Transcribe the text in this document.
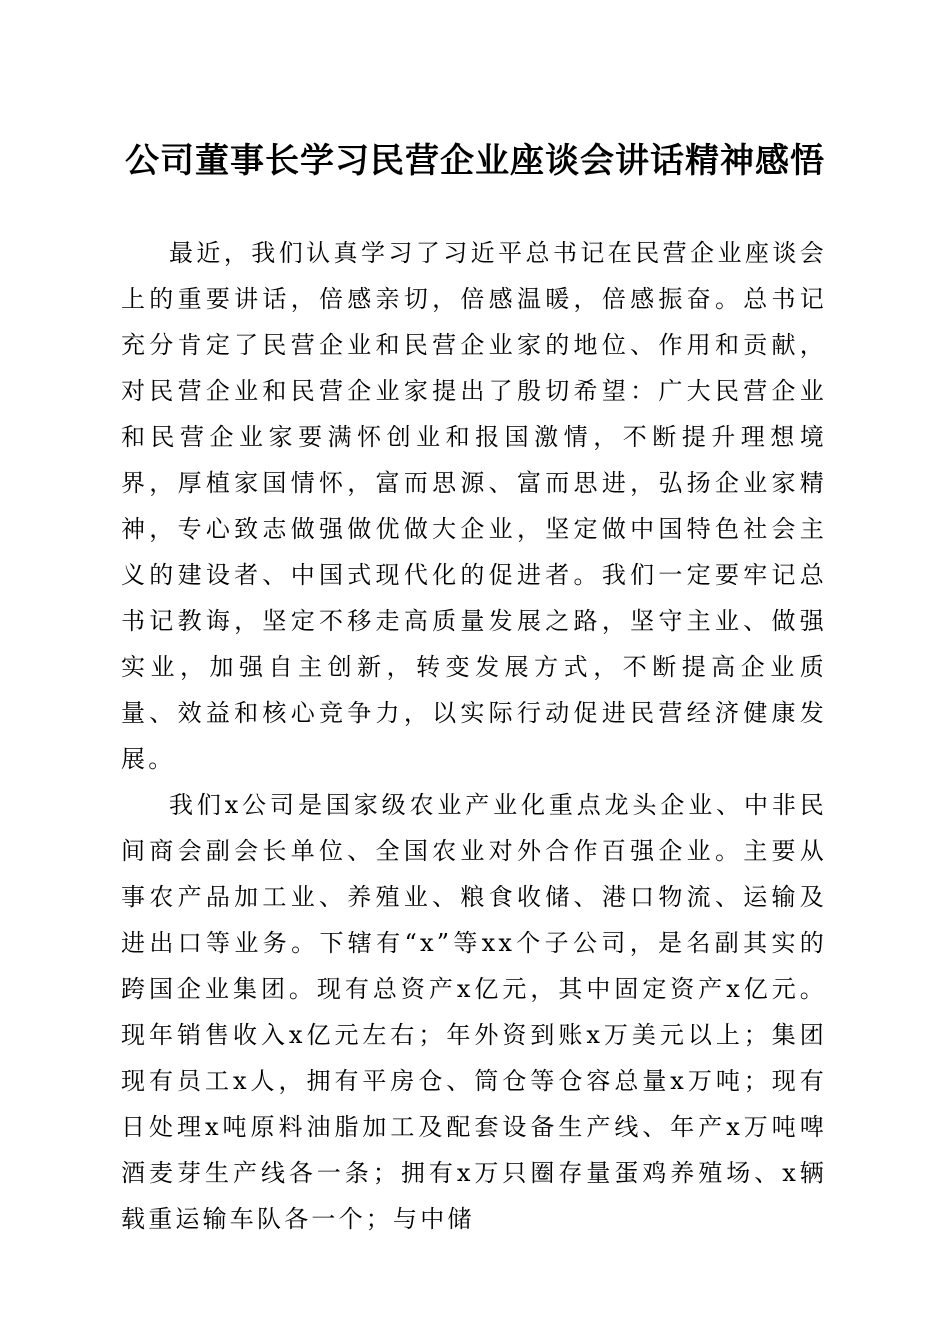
公司董事长学习民营企业座谈会讲话精神感悟

最近，我们认真学习了习近平总书记在民营企业座谈会上的重要讲话，倍感亲切，倍感温暖，倍感振奋。总书记充分肯定了民营企业和民营企业家的地位、作用和贡献，对民营企业和民营企业家提出了殷切希望：广大民营企业和民营企业家要满怀创业和报国激情，不断提升理想境界，厚植家国情怀，富而思源、富而思进，弘扬企业家精神，专心致志做强做优做大企业，坚定做中国特色社会主义的建设者、中国式现代化的促进者。我们一定要牢记总书记教诲，坚定不移走高质量发展之路，坚守主业、做强实业，加强自主创新，转变发展方式，不断提高企业质量、效益和核心竞争力，以实际行动促进民营经济健康发展。

我们x公司是国家级农业产业化重点龙头企业、中非民间商会副会长单位、全国农业对外合作百强企业。主要从事农产品加工业、养殖业、粮食收储、港口物流、运输及进出口等业务。下辖有“x”等xx个子公司，是名副其实的跨国企业集团。现有总资产x亿元，其中固定资产x亿元。现年销售收入x亿元左右；年外资到账x万美元以上；集团现有员工x人，拥有平房仓、筒仓等仓容总量x万吨；现有日处理x吨原料油脂加工及配套设备生产线、年产x万吨啤酒麦芽生产线各一条；拥有x万只圈存量蛋鸡养殖场、x辆载重运输车队各一个；与中储
